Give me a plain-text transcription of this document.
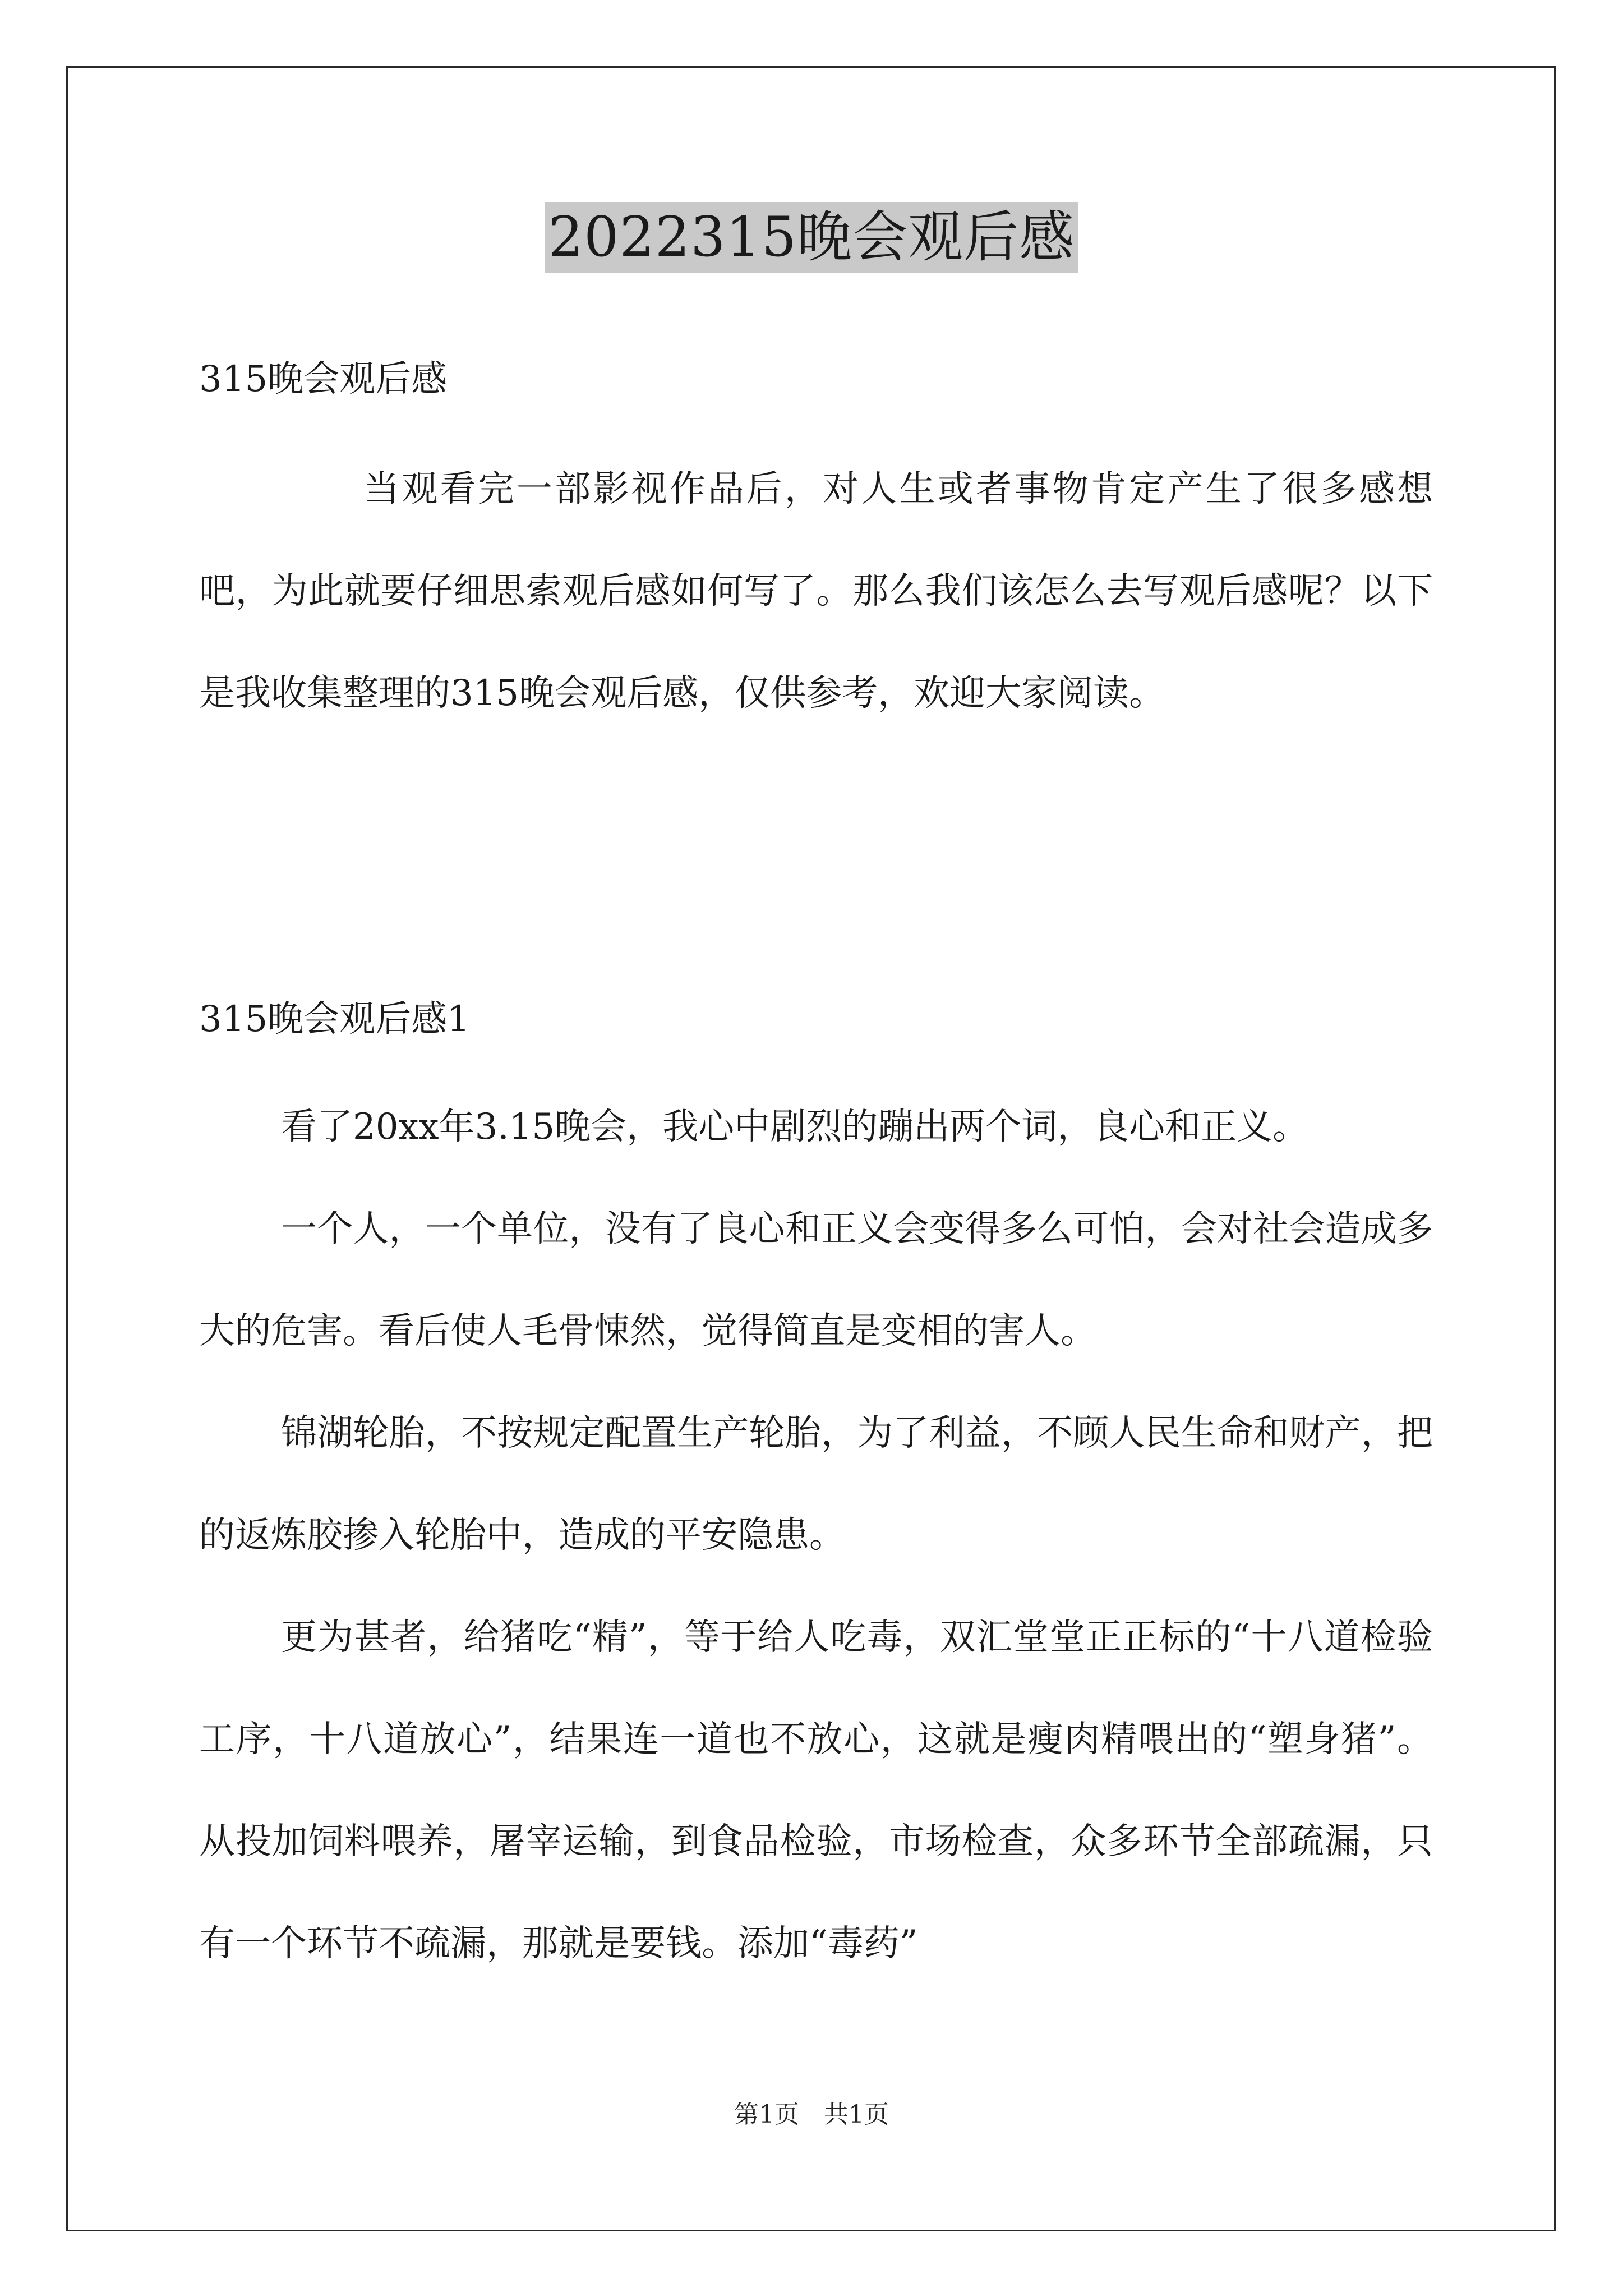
2022315晚会观后感
315晚会观后感

当观看完一部影视作品后，对人生或者事物肯定产生了很多感想吧，为此就要仔细思索观后感如何写了。那么我们该怎么去写观后感呢？以下是我收集整理的315晚会观后感，仅供参考，欢迎大家阅读。

315晚会观后感1

看了20xx年3.15晚会，我心中剧烈的蹦出两个词，良心和正义。

一个人，一个单位，没有了良心和正义会变得多么可怕，会对社会造成多大的危害。看后使人毛骨悚然，觉得简直是变相的害人。

锦湖轮胎，不按规定配置生产轮胎，为了利益，不顾人民生命和财产，把的返炼胶掺入轮胎中，造成的平安隐患。

更为甚者，给猪吃“精”，等于给人吃毒，双汇堂堂正正标的“十八道检验工序，十八道放心”，结果连一道也不放心，这就是瘦肉精喂出的“塑身猪”。从投加饲料喂养，屠宰运输，到食品检验，市场检查，众多环节全部疏漏，只有一个环节不疏漏，那就是要钱。添加“毒药”

第1页　共1页
